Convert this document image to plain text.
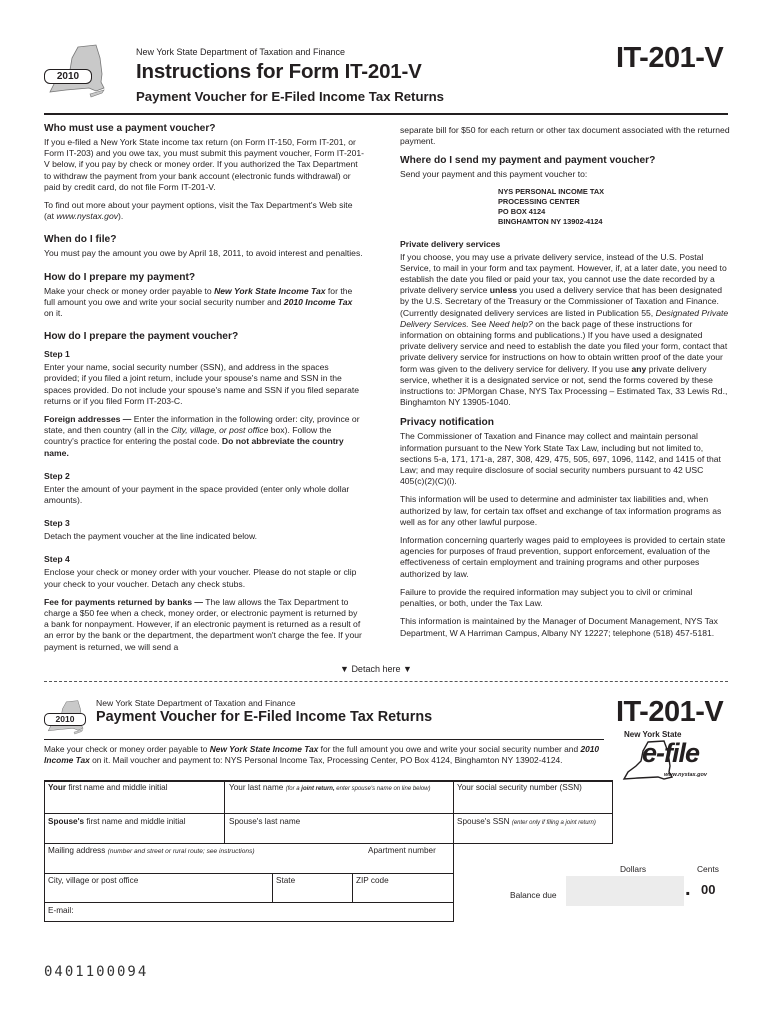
2010
New York State Department of Taxation and Finance
Instructions for Form IT-201-V
Payment Voucher for E-Filed Income Tax Returns
IT-201-V
Who must use a payment voucher?

If you e-filed a New York State income tax return (on Form IT-150, Form IT-201, or Form IT-203) and you owe tax, you must submit this payment voucher, Form IT-201-V below, if you pay by check or money order. If you authorized the Tax Department to withdraw the payment from your bank account (electronic funds withdrawal) or paid by credit card, do not file Form IT-201-V.

To find out more about your payment options, visit the Tax Department's Web site (at www.nystax.gov).

When do I file?

You must pay the amount you owe by April 18, 2011, to avoid interest and penalties.

How do I prepare my payment?

Make your check or money order payable to New York State Income Tax for the full amount you owe and write your social security number and 2010 Income Tax on it.

How do I prepare the payment voucher?
Step 1

Enter your name, social security number (SSN), and address in the spaces provided; if you filed a joint return, include your spouse's name and SSN in the spaces provided. Do not include your spouse's name and SSN if you filed separate returns or if you filed Form IT-203-C.

Foreign addresses — Enter the information in the following order: city, province or state, and then country (all in the City, village, or post office box). Follow the country's practice for entering the postal code. Do not abbreviate the country name.

Step 2

Enter the amount of your payment in the space provided (enter only whole dollar amounts).

Step 3

Detach the payment voucher at the line indicated below.

Step 4

Enclose your check or money order with your voucher. Please do not staple or clip your check to your voucher. Detach any check stubs.

Fee for payments returned by banks — The law allows the Tax Department to charge a $50 fee when a check, money order, or electronic payment is returned by a bank for nonpayment. However, if an electronic payment is returned as a result of an error by the bank or the department, the department won't charge the fee. If your payment is returned, we will send a

separate bill for $50 for each return or other tax document associated with the returned payment.

Where do I send my payment and payment voucher?

Send your payment and this payment voucher to:

NYS PERSONAL INCOME TAX
PROCESSING CENTER
PO BOX 4124
BINGHAMTON NY 13902-4124
Private delivery services

If you choose, you may use a private delivery service, instead of the U.S. Postal Service, to mail in your form and tax payment. However, if, at a later date, you need to establish the date you filed or paid your tax, you cannot use the date recorded by a private delivery service unless you used a delivery service that has been designated by the U.S. Secretary of the Treasury or the Commissioner of Taxation and Finance. (Currently designated delivery services are listed in Publication 55, Designated Private Delivery Services. See Need help? on the back page of these instructions for information on obtaining forms and publications.) If you have used a designated private delivery service and need to establish the date you filed your form, contact that private delivery service for instructions on how to obtain written proof of the date your form was given to the delivery service for delivery. If you use any private delivery service, whether it is a designated service or not, send the forms covered by these instructions to: JPMorgan Chase, NYS Tax Processing – Estimated Tax, 33 Lewis Rd., Binghamton NY 13905-1040.

Privacy notification

The Commissioner of Taxation and Finance may collect and maintain personal information pursuant to the New York State Tax Law, including but not limited to, sections 5-a, 171, 171-a, 287, 308, 429, 475, 505, 697, 1096, 1142, and 1415 of that Law; and may require disclosure of social security numbers pursuant to 42 USC 405(c)(2)(C)(i).

This information will be used to determine and administer tax liabilities and, when authorized by law, for certain tax offset and exchange of tax information programs as well as for any other lawful purpose.

Information concerning quarterly wages paid to employees is provided to certain state agencies for purposes of fraud prevention, support enforcement, evaluation of the effectiveness of certain employment and training programs and other purposes authorized by law.

Failure to provide the required information may subject you to civil or criminal penalties, or both, under the Tax Law.

This information is maintained by the Manager of Document Management, NYS Tax Department, W A Harriman Campus, Albany NY 12227; telephone (518) 457-5181.

▼ Detach here ▼
2010
New York State Department of Taxation and Finance
Payment Voucher for E-Filed Income Tax Returns	IT-201-V
New York State
e-file
www.nystax.gov

Make your check or money order payable to New York State Income Tax for the full amount you owe and write your social security number and 2010 Income Tax on it. Mail voucher and payment to: NYS Personal Income Tax, Processing Center, PO Box 4124, Binghamton NY 13902-4124.

Your first name and middle initial	Your last name (for a joint return, enter spouse's name on line below)	Your social security number (SSN)
Spouse's first name and middle initial	Spouse's last name	Spouse's SSN (enter only if filing a joint return)
Mailing address (number and street or rural route; see instructions)	Apartment number
City, village or post office	State	ZIP code
E-mail:
Dollars	Cents
Balance due	. 00
0401100094
